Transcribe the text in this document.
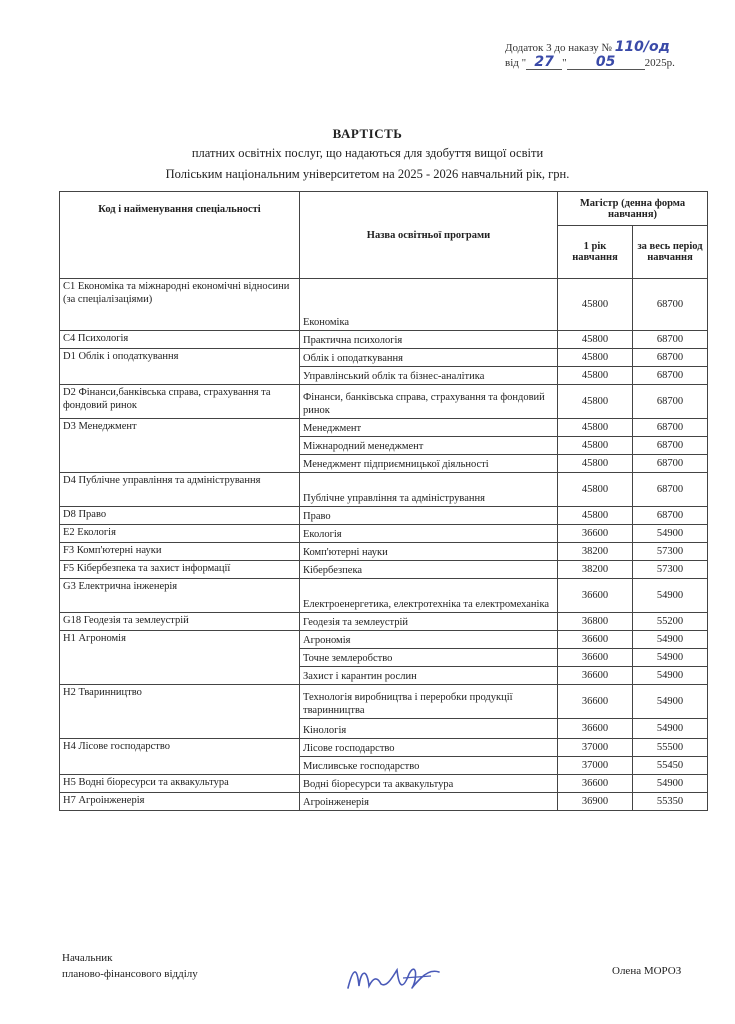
Додаток 3 до наказу № 110/од
від " 27 "	05	2025р.
ВАРТІСТЬ
платних освітніх послуг, що надаються для здобуття вищої освіти
Поліським національним університетом на 2025 - 2026 навчальний рік, грн.
Код і найменування спеціальності	Назва освітньої програми	Магістр (денна форма навчання)	
		1 рік навчання	за весь період навчання
С1 Економіка та міжнародні економічні відносини (за спеціалізаціями)	Економіка	45800	68700
С4 Психологія	Практична психологія	45800	68700
D1 Облік і оподаткування	Облік і оподаткування	45800	68700
	Управлінський облік та бізнес-аналітика	45800	68700
D2 Фінанси,банківська справа, страхування та фондовий ринок	Фінанси, банківська справа, страхування та фондовий ринок	45800	68700
D3 Менеджмент	Менеджмент	45800	68700
	Міжнародний менеджмент	45800	68700
	Менеджмент підприємницької діяльності	45800	68700
D4 Публічне управління та адміністрування	Публічне управління та адміністрування	45800	68700
D8 Право	Право	45800	68700
Е2 Екологія	Екологія	36600	54900
F3 Комп'ютерні науки	Комп'ютерні науки	38200	57300
F5 Кібербезпека та захист інформації	Кібербезпека	38200	57300
G3 Електрична інженерія	Електроенергетика, електротехніка та електромеханіка	36600	54900
G18 Геодезія та землеустрій	Геодезія та землеустрій	36800	55200
Н1 Агрономія	Агрономія	36600	54900
	Точне землеробство	36600	54900
	Захист і карантин рослин	36600	54900
Н2 Тваринництво	Технологія виробництва і переробки продукції тваринництва	36600	54900
	Кінологія	36600	54900
Н4 Лісове господарство	Лісове господарство	37000	55500
	Мисливське господарство	37000	55450
Н5 Водні біоресурси та аквакультура	Водні біоресурси та аквакультура	36600	54900
Н7 Агроінженерія	Агроінженерія	36900	55350
Начальник
планово-фінансового відділу	Олена МОРОЗ
